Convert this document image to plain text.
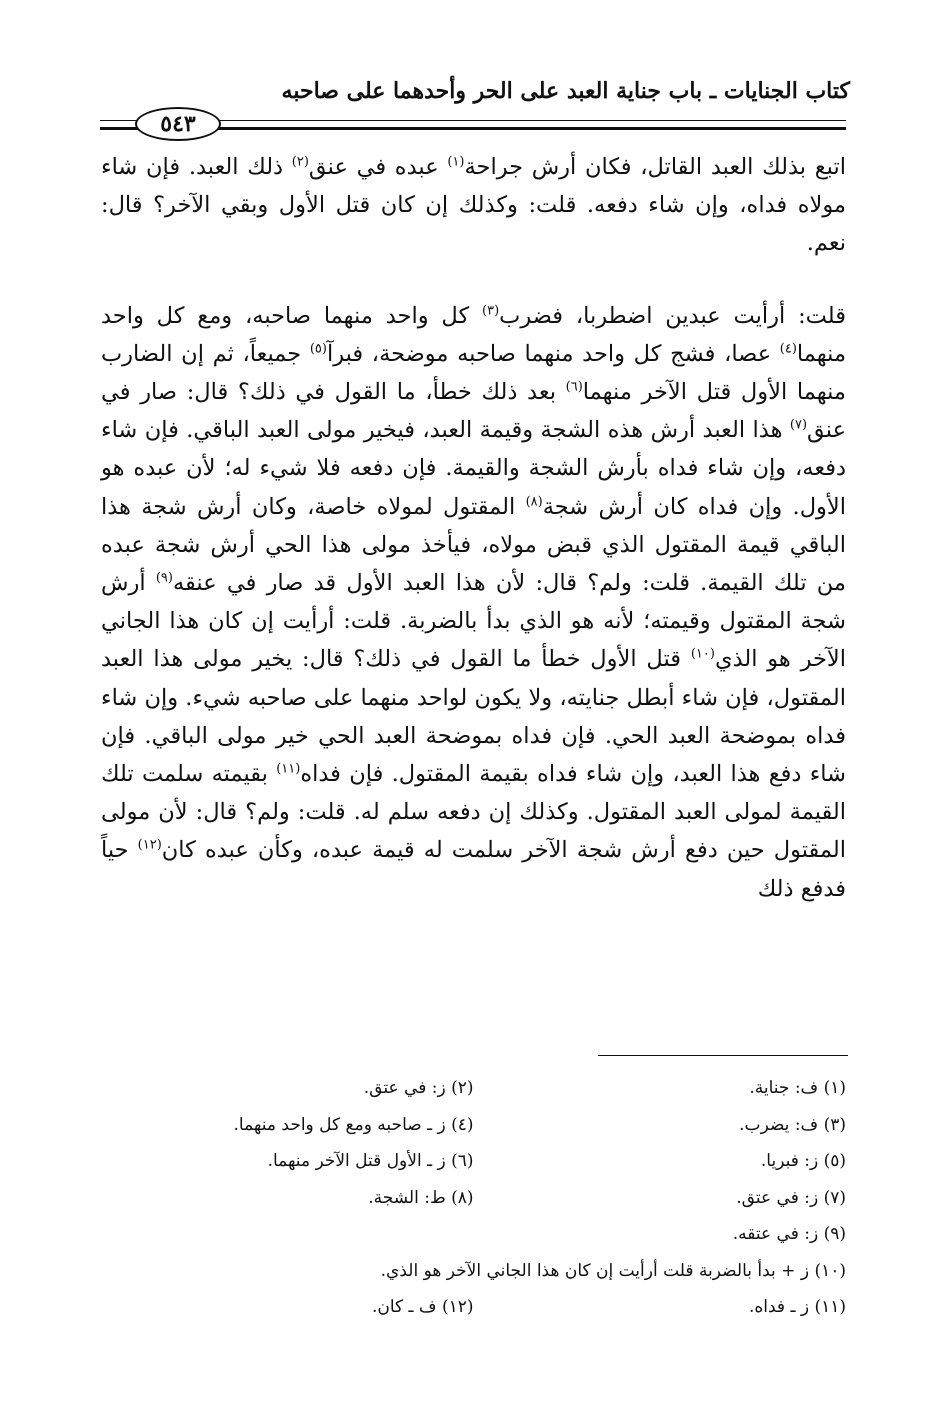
كتاب الجنايات ـ باب جناية العبد على الحر وأحدهما على صاحبه
٥٤٣

اتبع بذلك العبد القاتل، فكان أرش جراحة$^{(١)}$ عبده في عنق$^{(٢)}$ ذلك العبد. فإن شاء مولاه فداه، وإن شاء دفعه. قلت: وكذلك إن كان قتل الأول وبقي الآخر؟ قال: نعم.

قلت: أرأيت عبدين اضطربا، فضرب$^{(٣)}$ كل واحد منهما صاحبه، ومع كل واحد منهما$^{(٤)}$ عصا، فشج كل واحد منهما صاحبه موضحة، فبرآ$^{(٥)}$ جميعاً، ثم إن الضارب منهما الأول قتل الآخر منهما$^{(٦)}$ بعد ذلك خطأ، ما القول في ذلك؟ قال: صار في عنق$^{(٧)}$ هذا العبد أرش هذه الشجة وقيمة العبد، فيخير مولى العبد الباقي. فإن شاء دفعه، وإن شاء فداه بأرش الشجة والقيمة. فإن دفعه فلا شيء له؛ لأن عبده هو الأول. وإن فداه كان أرش شجة$^{(٨)}$ المقتول لمولاه خاصة، وكان أرش شجة هذا الباقي قيمة المقتول الذي قبض مولاه، فيأخذ مولى هذا الحي أرش شجة عبده من تلك القيمة. قلت: ولم؟ قال: لأن هذا العبد الأول قد صار في عنقه$^{(٩)}$ أرش شجة المقتول وقيمته؛ لأنه هو الذي بدأ بالضربة. قلت: أرأيت إن كان هذا الجاني الآخر هو الذي$^{(١٠)}$ قتل الأول خطأ ما القول في ذلك؟ قال: يخير مولى هذا العبد المقتول، فإن شاء أبطل جنايته، ولا يكون لواحد منهما على صاحبه شيء. وإن شاء فداه بموضحة العبد الحي. فإن فداه بموضحة العبد الحي خير مولى الباقي. فإن شاء دفع هذا العبد، وإن شاء فداه بقيمة المقتول. فإن فداه$^{(١١)}$ بقيمته سلمت تلك القيمة لمولى العبد المقتول. وكذلك إن دفعه سلم له. قلت: ولم؟ قال: لأن مولى المقتول حين دفع أرش شجة الآخر سلمت له قيمة عبده، وكأن عبده كان$^{(١٢)}$ حياً فدفع ذلك

(١) ف: جناية.
(٢) ز: في عتق.
(٣) ف: يضرب.
(٤) ز ـ صاحبه ومع كل واحد منهما.
(٥) ز: فبريا.
(٦) ز ـ الأول قتل الآخر منهما.
(٧) ز: في عتق.
(٨) ط: الشجة.
(٩) ز: في عتقه.
(١٠) ز + بدأ بالضربة قلت أرأيت إن كان هذا الجاني الآخر هو الذي.
(١١) ز ـ فداه.
(١٢) ف ـ كان.
